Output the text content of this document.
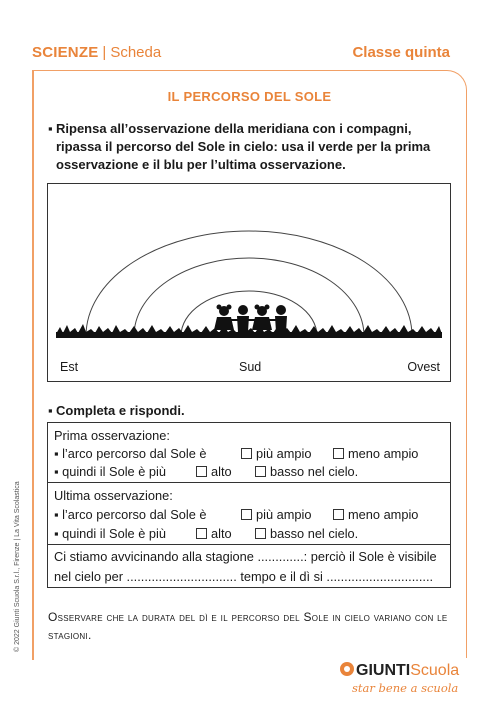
SCIENZE | Scheda	Classe quinta
IL PERCORSO DEL SOLE
▪ Ripensa all’osservazione della meridiana con i compagni, ripassa il percorso del Sole in cielo: usa il verde per la prima osservazione e il blu per l’ultima osservazione.
Est	Sud	Ovest
▪ Completa e rispondi.
Prima osservazione:
▪ l’arco percorso dal Sole è	più ampio	meno ampio
▪ quindi il Sole è più	alto	basso nel cielo.
Ultima osservazione:
▪ l’arco percorso dal Sole è	più ampio	meno ampio
▪ quindi il Sole è più	alto	basso nel cielo.
Ci stiamo avvicinando alla stagione .............: perciò il Sole è visibile
nel cielo per ............................... tempo e il dì si ..............................
Osservare che la durata del dì e il percorso del Sole in cielo variano con le stagioni.
© 2022 Giunti Scuola S.r.l., Firenze | La Vita Scolastica
GIUNTIScuola
star bene a scuola
